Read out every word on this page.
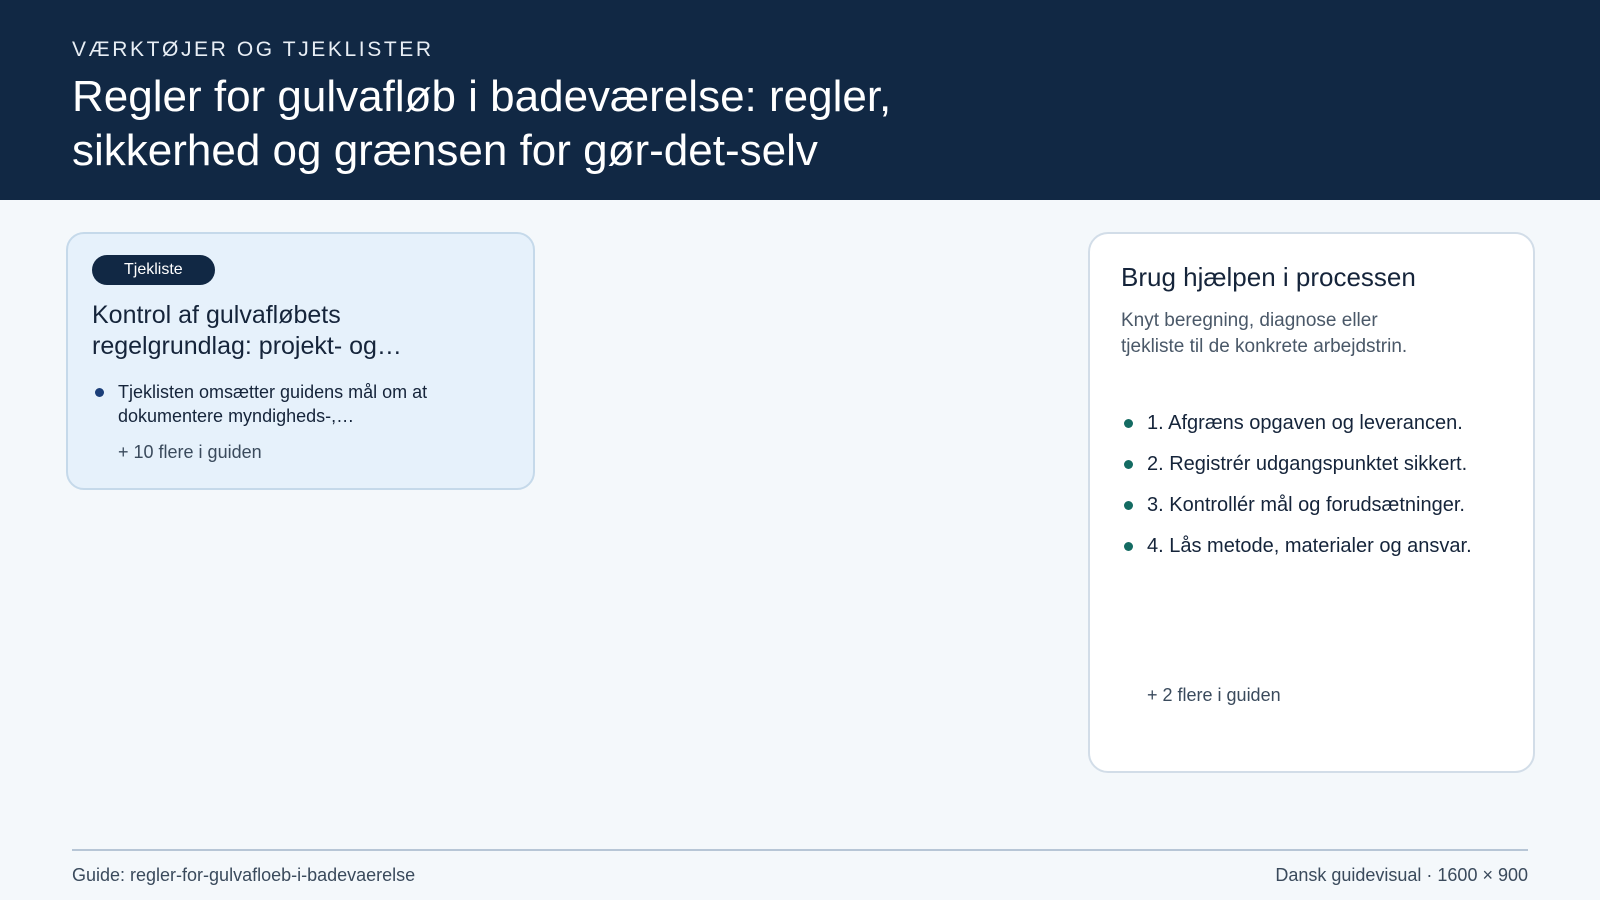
VÆRKTØJER OG TJEKLISTER
Regler for gulvafløb i badeværelse: regler, sikkerhed og grænsen for gør-det-selv
Tjekliste
Kontrol af gulvafløbets regelgrundlag: projekt- og…
Tjeklisten omsætter guidens mål om at dokumentere myndigheds-,…
+ 10 flere i guiden
Brug hjælpen i processen
Knyt beregning, diagnose eller tjekliste til de konkrete arbejdstrin.
1. Afgræns opgaven og leverancen.
2. Registrér udgangspunktet sikkert.
3. Kontrollér mål og forudsætninger.
4. Lås metode, materialer og ansvar.
+ 2 flere i guiden
Guide: regler-for-gulvafloeb-i-badevaerelse	Dansk guidevisual · 1600 × 900
